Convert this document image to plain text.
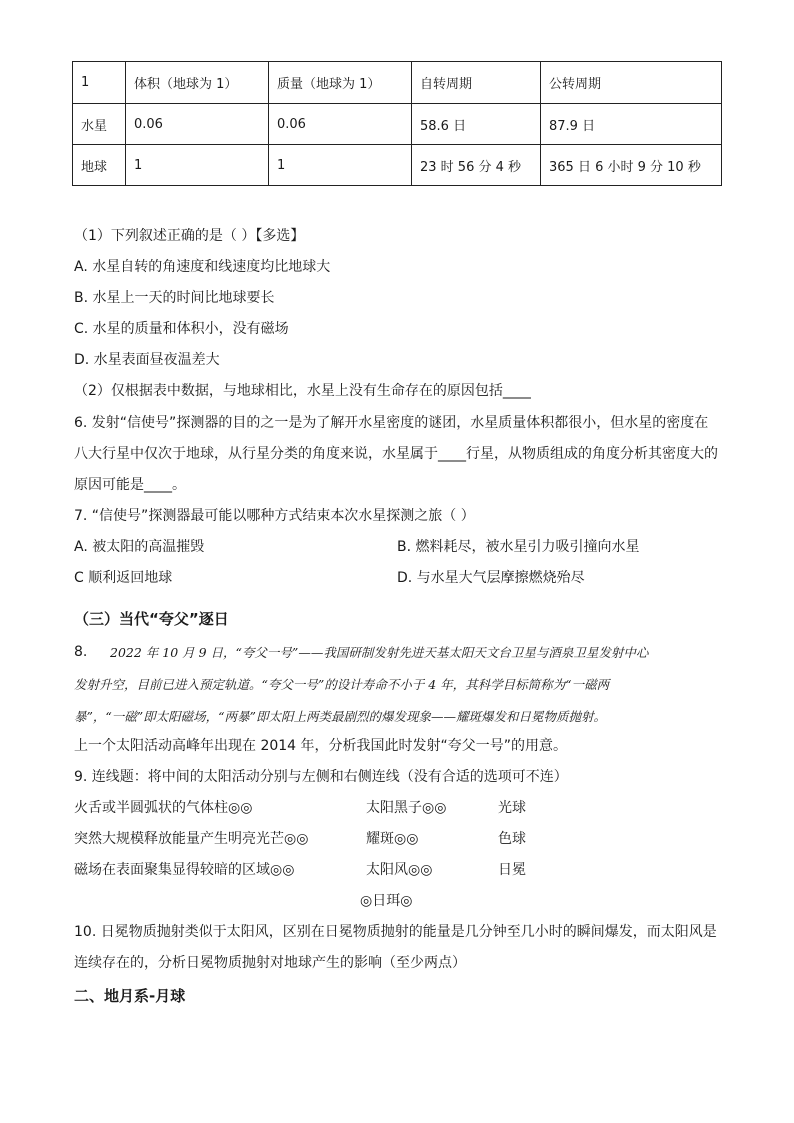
1	体积（地球为 1）	质量（地球为 1）	自转周期	公转周期
水星	0.06	0.06	58.6 日	87.9 日
地球	1	1	23 时 56 分 4 秒	365 日 6 小时 9 分 10 秒
（1）下列叙述正确的是（ ）【多选】
A. 水星自转的角速度和线速度均比地球大
B. 水星上一天的时间比地球要长
C. 水星的质量和体积小，没有磁场
D. 水星表面昼夜温差大
（2）仅根据表中数据，与地球相比，水星上没有生命存在的原因包括____
6. 发射“信使号”探测器的目的之一是为了解开水星密度的谜团，水星质量体积都很小，但水星的密度在
八大行星中仅次于地球，从行星分类的角度来说，水星属于____行星，从物质组成的角度分析其密度大的
原因可能是____。
7. “信使号”探测器最可能以哪种方式结束本次水星探测之旅（ ）
A. 被太阳的高温摧毁	B. 燃料耗尽，被水星引力吸引撞向水星
C 顺利返回地球	D. 与水星大气层摩擦燃烧殆尽
（三）当代“夸父”逐日
8. 2022 年 10 月 9 日，“夸父一号”——我国研制发射先进天基太阳天文台卫星与酒泉卫星发射中心
发射升空，目前已进入预定轨道。“夸父一号”的设计寿命不小于 4 年，其科学目标简称为“一磁两
暴”，“一磁”即太阳磁场，“两暴”即太阳上两类最剧烈的爆发现象——耀斑爆发和日冕物质抛射。
上一个太阳活动高峰年出现在 2014 年，分析我国此时发射“夸父一号”的用意。
9. 连线题：将中间的太阳活动分别与左侧和右侧连线（没有合适的选项可不连）
火舌或半圆弧状的气体柱◎◎	太阳黑子◎◎	光球
突然大规模释放能量产生明亮光芒◎◎	耀斑◎◎	色球
磁场在表面聚集显得较暗的区域◎◎	太阳风◎◎	日冕
◎日珥◎
10. 日冕物质抛射类似于太阳风，区别在日冕物质抛射的能量是几分钟至几小时的瞬间爆发，而太阳风是
连续存在的，分析日冕物质抛射对地球产生的影响（至少两点）
二、地月系-月球
